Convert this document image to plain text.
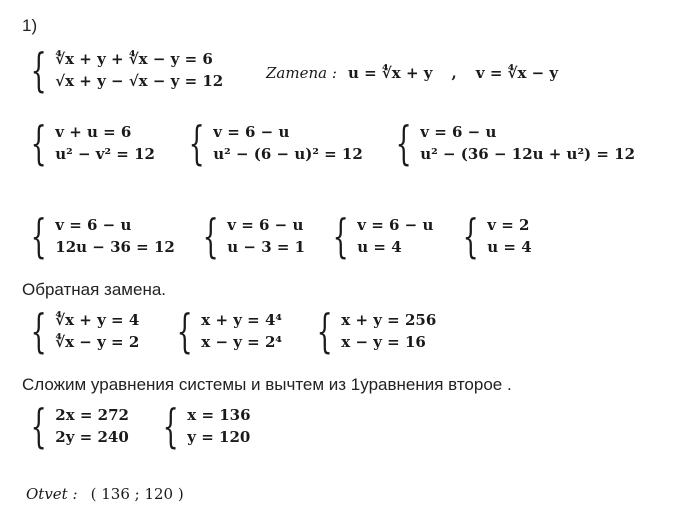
1)
{ ∜x + y + ∜x − y = 6
√x + y − √x − y = 12	Zamena : u = ∜x + y , v = ∜x − y
{ v + u = 6
u² − v² = 12 { v = 6 − u
u² − (6 − u)² = 12 { v = 6 − u
u² − (36 − 12u + u²) = 12
{ v = 6 − u
12u − 36 = 12 { v = 6 − u
u − 3 = 1 { v = 6 − u
u = 4	{ v = 2
u = 4
Обратная замена.
{ ∜x + y = 4
∜x − y = 2 { x + y = 4⁴
x − y = 2⁴ { x + y = 256
x − y = 16
Сложим уравнения системы и вычтем из 1уравнения второе .
{ 2x = 272
2y = 240 { x = 136
y = 120
Otvet : ( 136 ; 120 )
